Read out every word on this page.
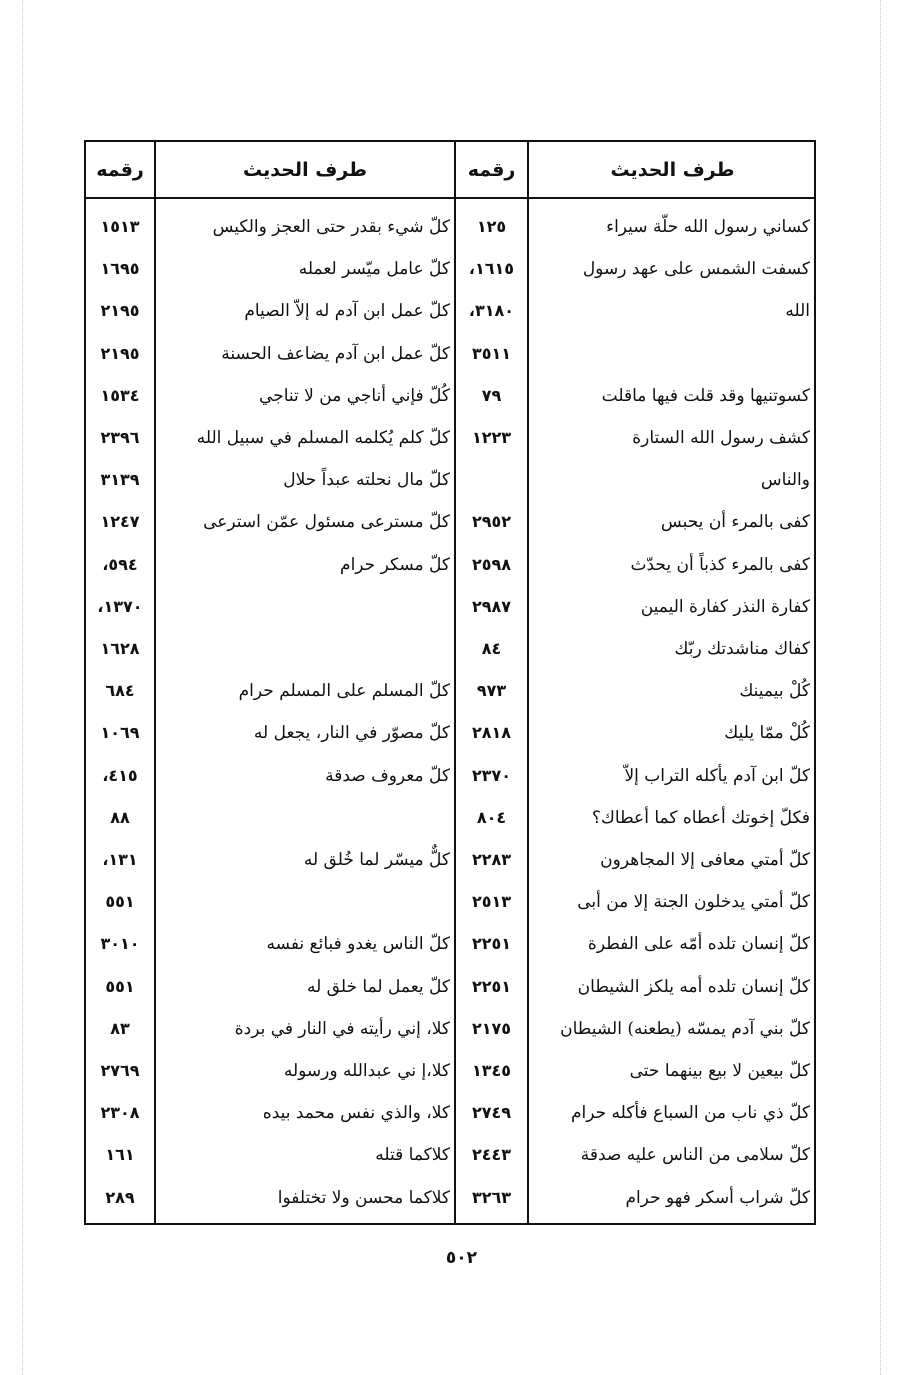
طرف الحديث
رقمه
طرف الحديث
رقمه
كساني رسول الله حلّة سيراء
١٢٥
كلّ شيء بقدر حتى العجز والكيس
١٥١٣
كسفت الشمس على عهد رسول
١٦١٥،
كلّ عامل ميّسر لعمله
١٦٩٥
الله
٣١٨٠،
كلّ عمل ابن آدم له إلاّ الصيام
٢١٩٥
٣٥١١
كلّ عمل ابن آدم يضاعف الحسنة
٢١٩٥
كسوتنيها وقد قلت فيها ماقلت
٧٩
كُلّ فإني أناجي من لا تناجي
١٥٣٤
كشف رسول الله الستارة
١٢٢٣
كلّ كلم يُكلمه المسلم في سبيل الله
٢٣٩٦
والناس
كلّ مال نحلته عبداً حلال
٣١٣٩
كفى بالمرء أن يحبس
٢٩٥٢
كلّ مسترعى مسئول عمّن استرعى
١٢٤٧
كفى بالمرء كذباً أن يحدّث
٢٥٩٨
كلّ مسكر حرام
٥٩٤،
كفارة النذر كفارة اليمين
٢٩٨٧
١٣٧٠،
كفاك مناشدتك ربّك
٨٤
١٦٢٨
كُلْ بيمينك
٩٧٣
كلّ المسلم على المسلم حرام
٦٨٤
كُلْ ممّا يليك
٢٨١٨
كلّ مصوّر في النار، يجعل له
١٠٦٩
كلّ ابن آدم يأكله التراب إلاّ
٢٣٧٠
كلّ معروف صدقة
٤١٥،
فكلّ إخوتك أعطاه كما أعطاك؟
٨٠٤
٨٨
كلّ أمتي معافى إلا المجاهرون
٢٢٨٣
كلٌّ ميسّر لما خُلق له
١٣١،
كلّ أمتي يدخلون الجنة إلا من أبى
٢٥١٣
٥٥١
كلّ إنسان تلده أمّه على الفطرة
٢٢٥١
كلّ الناس يغدو فبائع نفسه
٣٠١٠
كلّ إنسان تلده أمه يلكز الشيطان
٢٢٥١
كلّ يعمل لما خلق له
٥٥١
كلّ بني آدم يمسّه (يطعنه) الشيطان
٢١٧٥
كلا، إني رأيته في النار في بردة
٨٣
كلّ بيعين لا بيع بينهما حتى
١٣٤٥
كلا،إ ني عبدالله ورسوله
٢٧٦٩
كلّ ذي ناب من السباع فأكله حرام
٢٧٤٩
كلا، والذي نفس محمد بيده
٢٣٠٨
كلّ سلامى من الناس عليه صدقة
٢٤٤٣
كلاكما قتله
١٦١
كلّ شراب أسكر فهو حرام
٣٢٦٣
كلاكما محسن ولا تختلفوا
٢٨٩
٥٠٢
